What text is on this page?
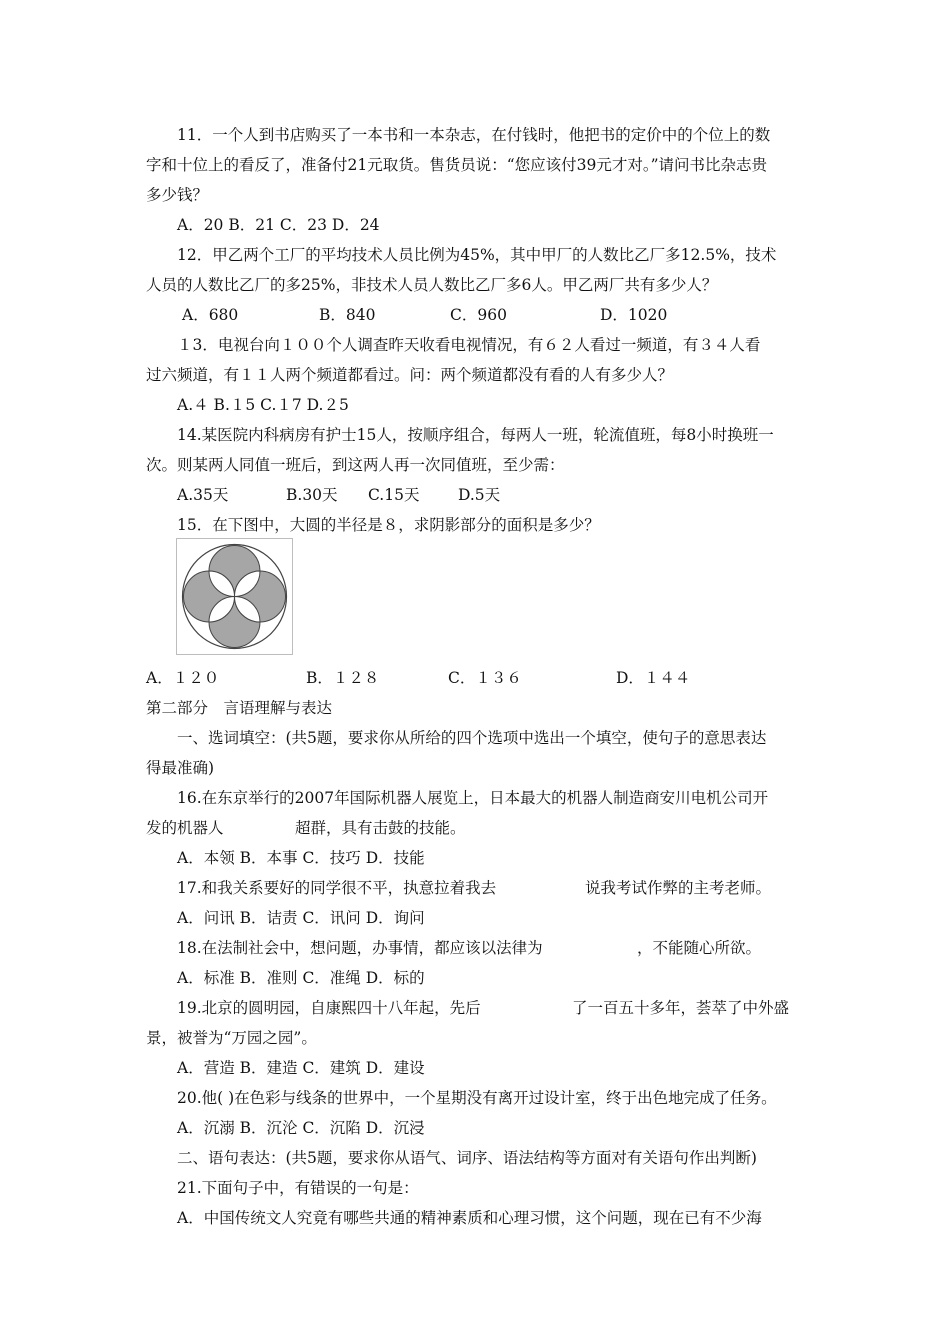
11．一个人到书店购买了一本书和一本杂志，在付钱时，他把书的定价中的个位上的数
字和十位上的看反了，准备付21元取货。售货员说：“您应该付39元才对。”请问书比杂志贵
多少钱？
A．20 B．21 C．23 D．24
12．甲乙两个工厂的平均技术人员比例为45%，其中甲厂的人数比乙厂多12.5%，技术
人员的人数比乙厂的多25%，非技术人员人数比乙厂多6人。甲乙两厂共有多少人？
A．680	B．840	C．960	D．1020
１3．电视台向１００个人调查昨天收看电视情况，有６２人看过一频道，有３４人看
过六频道，有１１人两个频道都看过。问：两个频道都没有看的人有多少人？
A.４ B.１5 C.１7 D.２5
14.某医院内科病房有护士15人，按顺序组合，每两人一班，轮流值班，每8小时换班一
次。则某两人同值一班后，到这两人再一次同值班，至少需：
A.35天	B.30天 C.15天 D.5天
15．在下图中，大圆的半径是８，求阴影部分的面积是多少？
A．１２０	B．１２８	C．１３６	D．１４４
第二部分　言语理解与表达
一、选词填空：(共5题，要求你从所给的四个选项中选出一个填空，使句子的意思表达
得最准确)
16.在东京举行的2007年国际机器人展览上，日本最大的机器人制造商安川电机公司开
发的机器人	超群，具有击鼓的技能。
A．本领 B．本事 C．技巧 D．技能
17.和我关系要好的同学很不平，执意拉着我去	说我考试作弊的主考老师。
A．问讯 B．诘责 C．讯问 D．询问
18.在法制社会中，想问题，办事情，都应该以法律为	，不能随心所欲。
A．标准 B．准则 C．准绳 D．标的
19.北京的圆明园，自康熙四十八年起，先后	了一百五十多年，荟萃了中外盛
景，被誉为“万园之园”。
A．营造 B．建造 C．建筑 D．建设
20.他( )在色彩与线条的世界中，一个星期没有离开过设计室，终于出色地完成了任务。
A．沉溺 B．沉沦 C．沉陷 D．沉浸
二、语句表达：(共5题，要求你从语气、词序、语法结构等方面对有关语句作出判断)
21.下面句子中，有错误的一句是：
A．中国传统文人究竟有哪些共通的精神素质和心理习惯，这个问题，现在已有不少海
